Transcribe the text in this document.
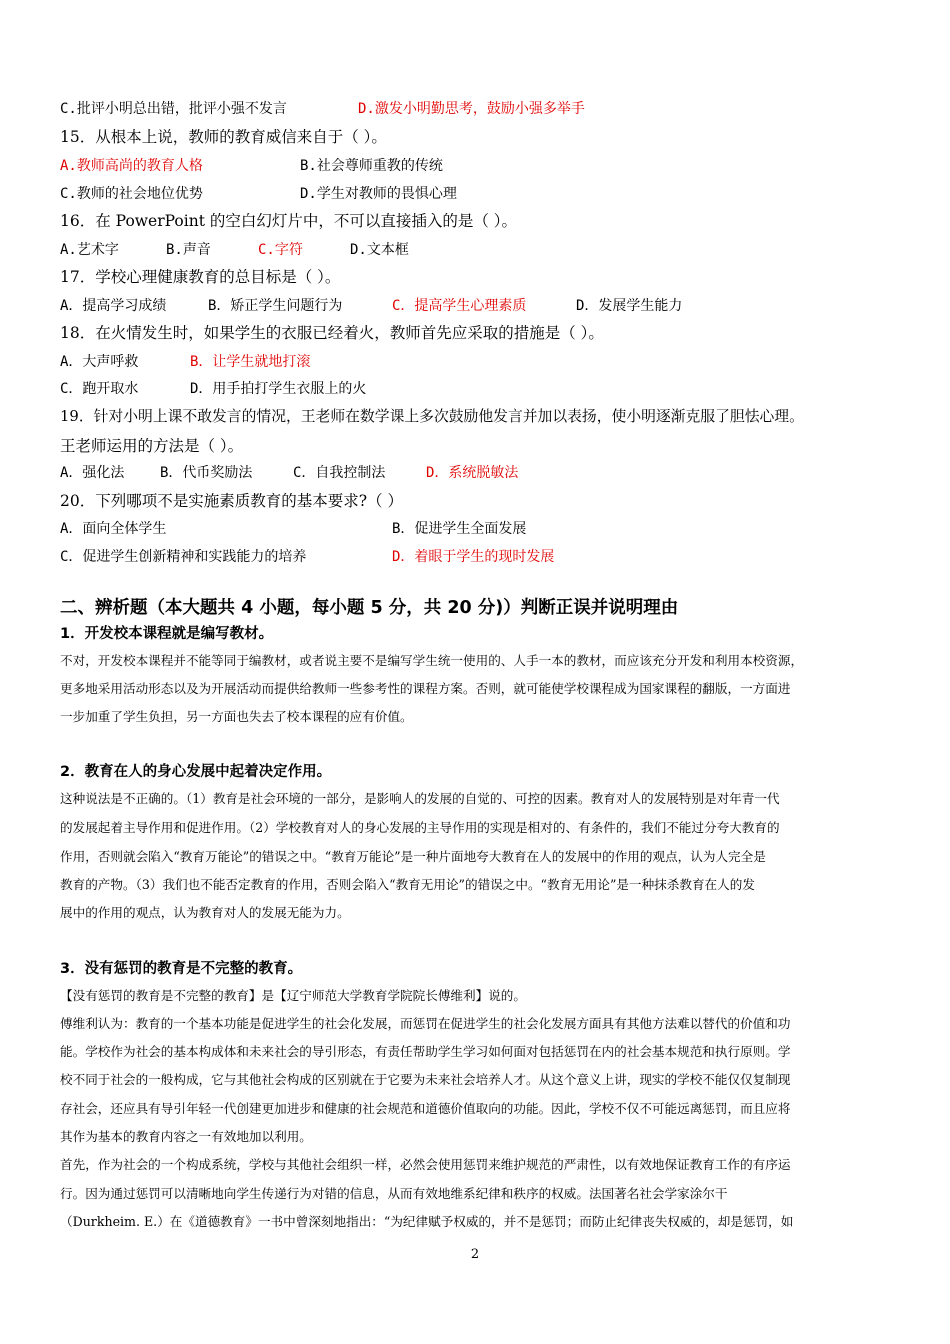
C.批评小明总出错，批评小强不发言	D.激发小明勤思考，鼓励小强多举手
15．从根本上说，教师的教育威信来自于（ ）。
A.教师高尚的教育人格	B.社会尊师重教的传统
C.教师的社会地位优势	D.学生对教师的畏惧心理
16．在 PowerPoint 的空白幻灯片中，不可以直接插入的是（ ）。
A.艺术字	B.声音	C.字符	D.文本框
17．学校心理健康教育的总目标是（ ）。
A．提高学习成绩	B．矫正学生问题行为	C．提高学生心理素质	D．发展学生能力
18．在火情发生时，如果学生的衣服已经着火，教师首先应采取的措施是（ ）。
A．大声呼救	B．让学生就地打滚
C．跑开取水	D．用手拍打学生衣服上的火
19．针对小明上课不敢发言的情况，王老师在数学课上多次鼓励他发言并加以表扬，使小明逐渐克服了胆怯心理。
王老师运用的方法是（ ）。
A．强化法	B．代币奖励法	C．自我控制法	D．系统脱敏法
20．下列哪项不是实施素质教育的基本要求?（ ）
A．面向全体学生	B．促进学生全面发展
C．促进学生创新精神和实践能力的培养	D．着眼于学生的现时发展
二、辨析题（本大题共 4 小题，每小题 5 分，共 20 分)）判断正误并说明理由
1．开发校本课程就是编写教材。
不对，开发校本课程并不能等同于编教材，或者说主要不是编写学生统一使用的、人手一本的教材，而应该充分开发和利用本校资源，
更多地采用活动形态以及为开展活动而提供给教师一些参考性的课程方案。否则，就可能使学校课程成为国家课程的翻版，一方面进
一步加重了学生负担，另一方面也失去了校本课程的应有价值。
2．教育在人的身心发展中起着决定作用。
这种说法是不正确的。（1）教育是社会环境的一部分，是影响人的发展的自觉的、可控的因素。教育对人的发展特别是对年青一代
的发展起着主导作用和促进作用。（2）学校教育对人的身心发展的主导作用的实现是相对的、有条件的，我们不能过分夸大教育的
作用，否则就会陷入“教育万能论”的错误之中。“教育万能论”是一种片面地夸大教育在人的发展中的作用的观点，认为人完全是
教育的产物。（3）我们也不能否定教育的作用，否则会陷入“教育无用论”的错误之中。“教育无用论”是一种抹杀教育在人的发
展中的作用的观点，认为教育对人的发展无能为力。
3．没有惩罚的教育是不完整的教育。
【没有惩罚的教育是不完整的教育】是【辽宁师范大学教育学院院长傅维利】说的。
傅维利认为：教育的一个基本功能是促进学生的社会化发展，而惩罚在促进学生的社会化发展方面具有其他方法难以替代的价值和功
能。学校作为社会的基本构成体和未来社会的导引形态，有责任帮助学生学习如何面对包括惩罚在内的社会基本规范和执行原则。学
校不同于社会的一般构成，它与其他社会构成的区别就在于它要为未来社会培养人才。从这个意义上讲，现实的学校不能仅仅复制现
存社会，还应具有导引年轻一代创建更加进步和健康的社会规范和道德价值取向的功能。因此，学校不仅不可能远离惩罚，而且应将
其作为基本的教育内容之一有效地加以利用。
首先，作为社会的一个构成系统，学校与其他社会组织一样，必然会使用惩罚来维护规范的严肃性，以有效地保证教育工作的有序运
行。因为通过惩罚可以清晰地向学生传递行为对错的信息，从而有效地维系纪律和秩序的权威。法国著名社会学家涂尔干
（Durkheim. E.）在《道德教育》一书中曾深刻地指出：“为纪律赋予权威的，并不是惩罚；而防止纪律丧失权威的，却是惩罚，如
2
